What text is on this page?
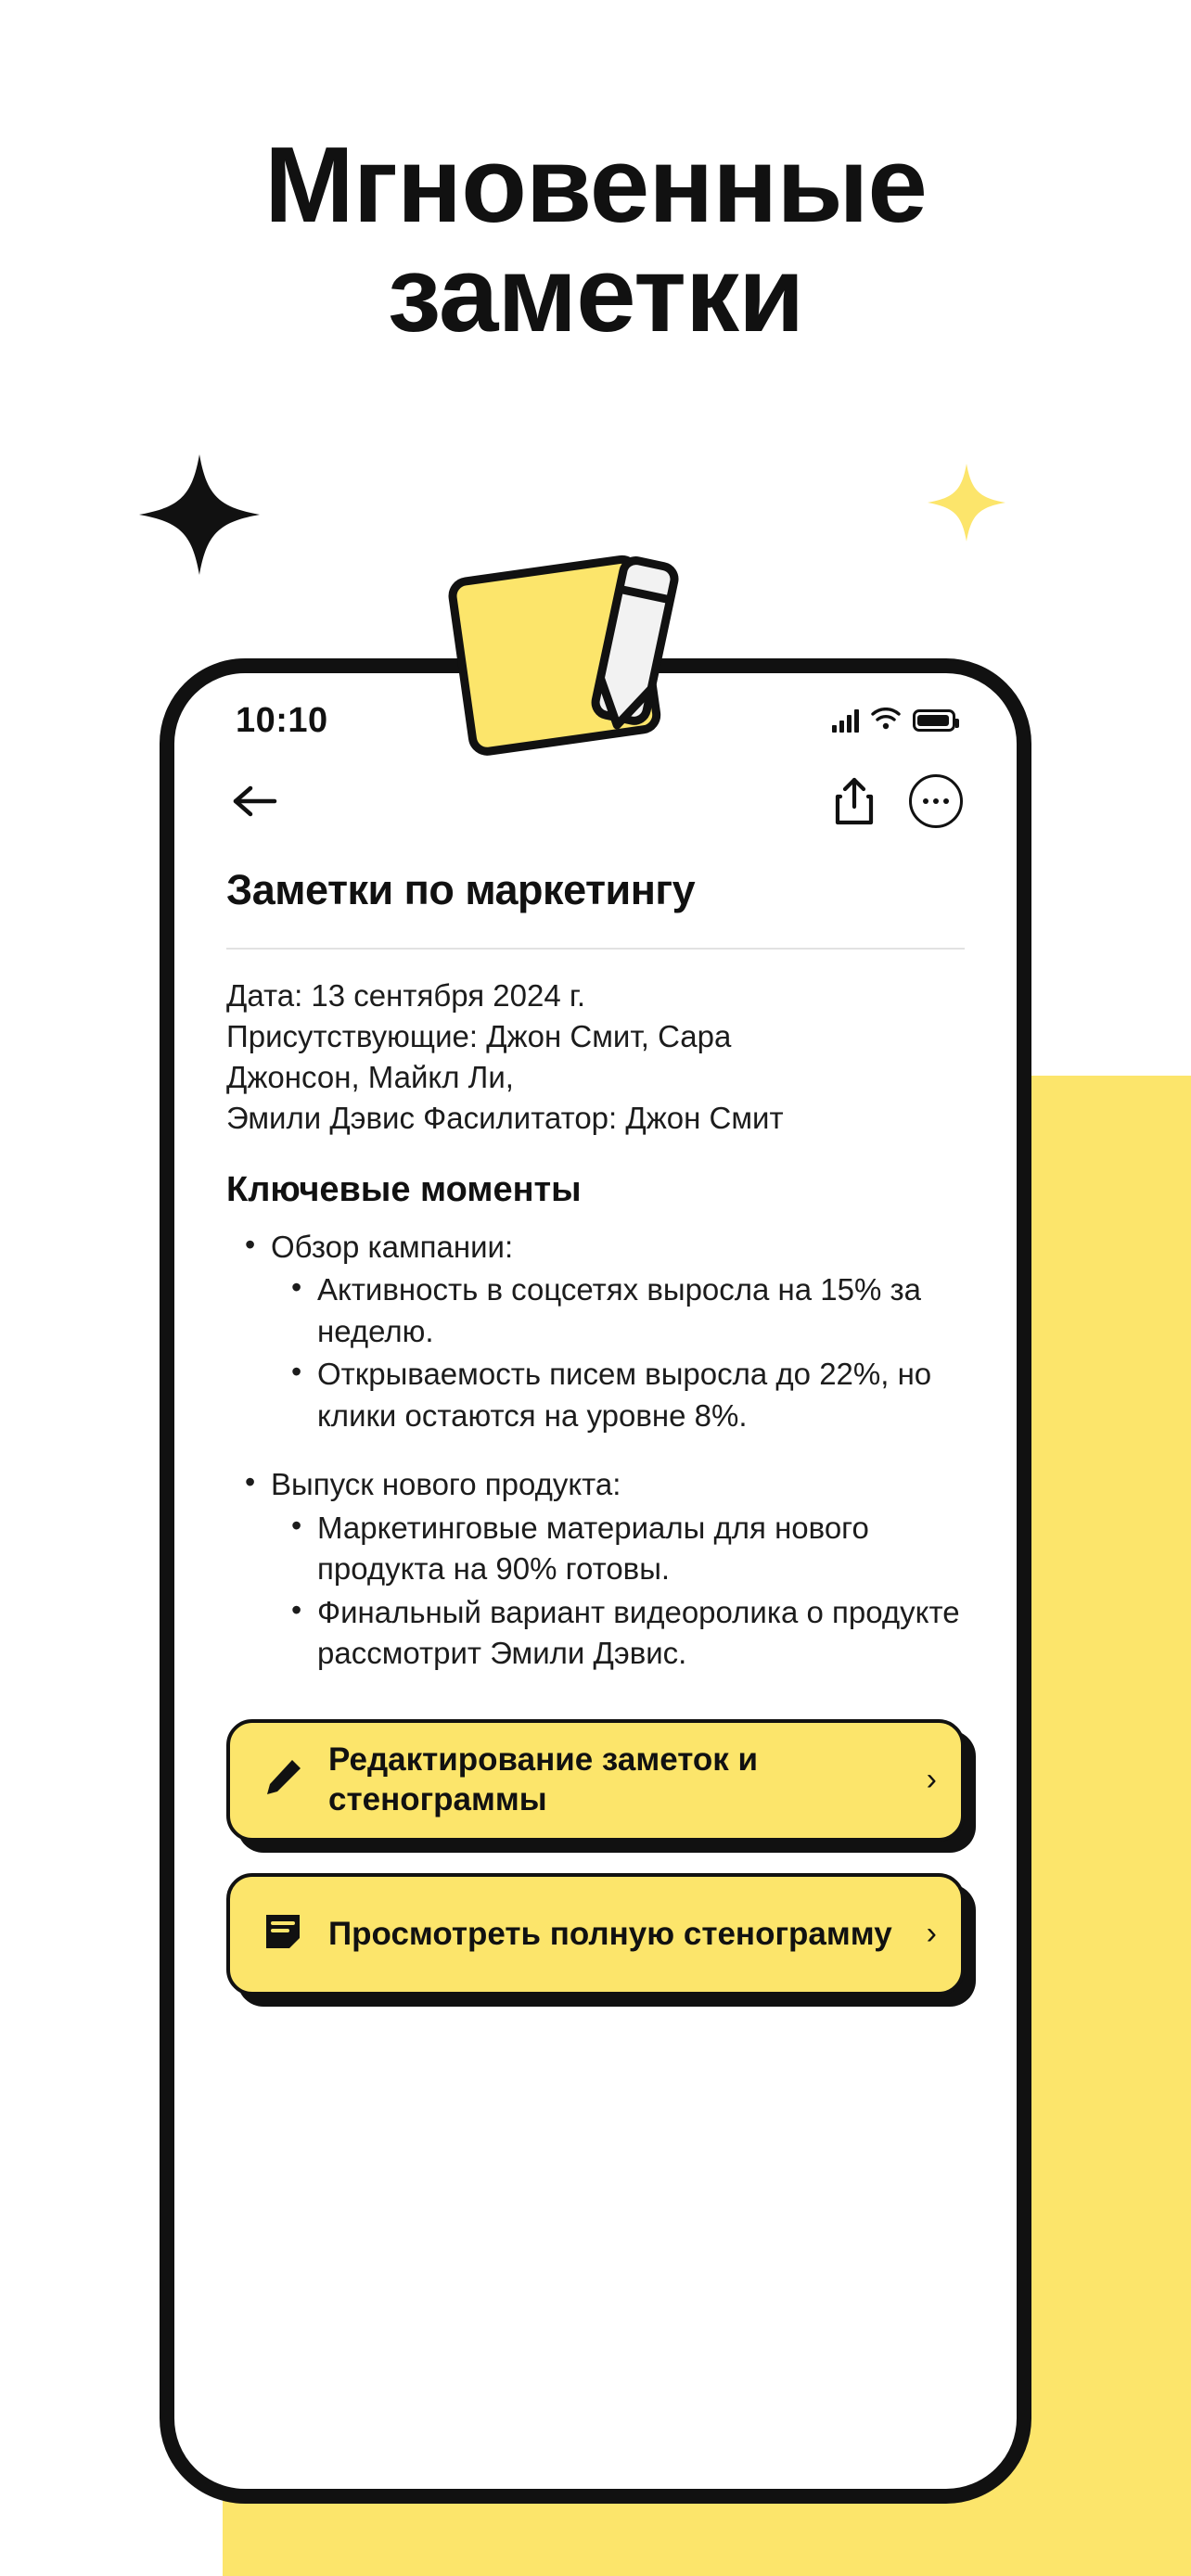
Мгновенные
заметки
10:10
Заметки по маркетингу
Дата: 13 сентября 2024 г.
Присутствующие: Джон Смит, Сара
Джонсон, Майкл Ли,
Эмили Дэвис Фасилитатор: Джон Смит
Ключевые моменты
• Обзор кампании:
• Активность в соцсетях выросла на 15% за неделю.
• Открываемость писем выросла до 22%, но клики остаются на уровне 8%.
• Выпуск нового продукта:
• Маркетинговые материалы для нового продукта на 90% готовы.
• Финальный вариант видеоролика о продукте рассмотрит Эмили Дэвис.
Редактирование заметок и стенограммы
›
Просмотреть полную стенограмму	›
